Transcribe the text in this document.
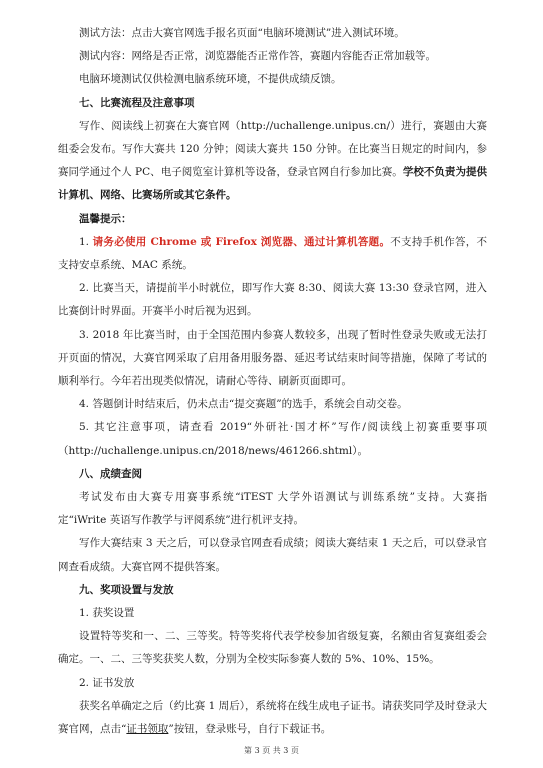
测试方法：点击大赛官网选手报名页面“电脑环境测试”进入测试环境。

测试内容：网络是否正常，浏览器能否正常作答，赛题内容能否正常加载等。

电脑环境测试仅供检测电脑系统环境，不提供成绩反馈。

七、比赛流程及注意事项

写作、阅读线上初赛在大赛官网（http://uchallenge.unipus.cn/）进行，赛题由大赛组委会发布。写作大赛共 120 分钟；阅读大赛共 150 分钟。在比赛当日规定的时间内，参赛同学通过个人 PC、电子阅览室计算机等设备，登录官网自行参加比赛。学校不负责为提供计算机、网络、比赛场所或其它条件。

温馨提示：

1. 请务必使用 Chrome 或 Firefox 浏览器、通过计算机答题。不支持手机作答，不支持安卓系统、MAC 系统。

2. 比赛当天，请提前半小时就位，即写作大赛 8:30、阅读大赛 13:30 登录官网，进入比赛倒计时界面。开赛半小时后视为迟到。

3. 2018 年比赛当时，由于全国范围内参赛人数较多，出现了暂时性登录失败或无法打开页面的情况，大赛官网采取了启用备用服务器、延迟考试结束时间等措施，保障了考试的顺利举行。今年若出现类似情况，请耐心等待、刷新页面即可。

4. 答题倒计时结束后，仍未点击“提交赛题”的选手，系统会自动交卷。

5. 其它注意事项，请查看 2019“外研社·国才杯”写作/阅读线上初赛重要事项（http://uchallenge.unipus.cn/2018/news/461266.shtml）。

八、成绩查阅

考试发布由大赛专用赛事系统“iTEST 大学外语测试与训练系统”支持。大赛指定“iWrite 英语写作教学与评阅系统”进行机评支持。

写作大赛结束 3 天之后，可以登录官网查看成绩；阅读大赛结束 1 天之后，可以登录官网查看成绩。大赛官网不提供答案。

九、奖项设置与发放

1. 获奖设置

设置特等奖和一、二、三等奖。特等奖将代表学校参加省级复赛，名额由省复赛组委会确定。一、二、三等奖获奖人数，分别为全校实际参赛人数的 5%、10%、15%。

2. 证书发放

获奖名单确定之后（约比赛 1 周后），系统将在线生成电子证书。请获奖同学及时登录大赛官网，点击“证书领取”按钮，登录账号，自行下载证书。

第 3 页 共 3 页
